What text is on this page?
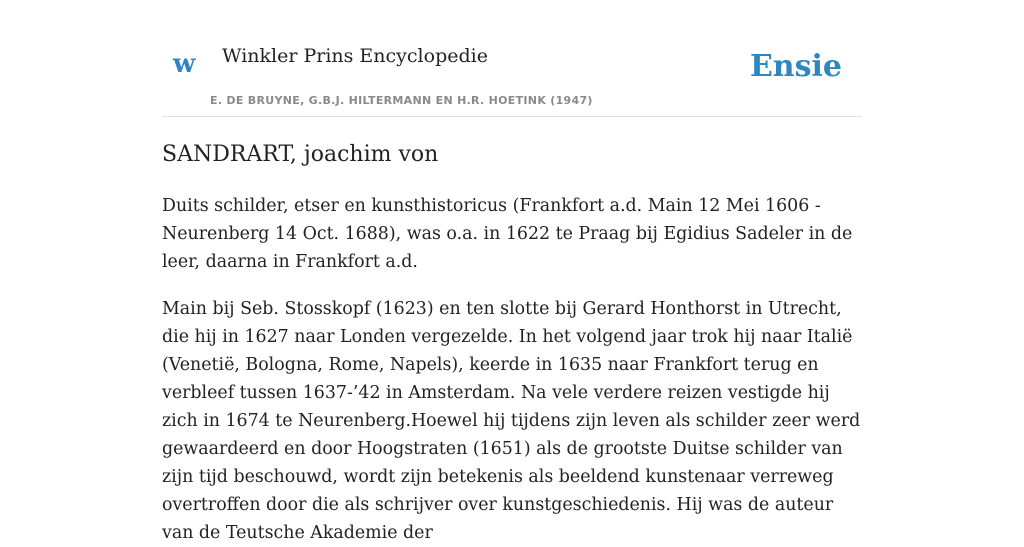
w Winkler Prins Encyclopedie
E. DE BRUYNE, G.B.J. HILTERMANN EN H.R. HOETINK (1947)
Ensie
SANDRART, joachim von

Duits schilder, etser en kunsthistoricus (Frankfort a.d. Main 12 Mei 1606 - Neurenberg 14 Oct. 1688), was o.a. in 1622 te Praag bij Egidius Sadeler in de leer, daarna in Frankfort a.d.

Main bij Seb. Stosskopf (1623) en ten slotte bij Gerard Honthorst in Utrecht, die hij in 1627 naar Londen vergezelde. In het volgend jaar trok hij naar Italië (Venetië, Bologna, Rome, Napels), keerde in 1635 naar Frankfort terug en verbleef tussen 1637-’42 in Amsterdam. Na vele verdere reizen vestigde hij zich in 1674 te Neurenberg.Hoewel hij tijdens zijn leven als schilder zeer werd gewaardeerd en door Hoogstraten (1651) als de grootste Duitse schilder van zijn tijd beschouwd, wordt zijn betekenis als beeldend kunstenaar verreweg overtroffen door die als schrijver over kunstgeschiedenis. Hij was de auteur van de Teutsche Akademie der
